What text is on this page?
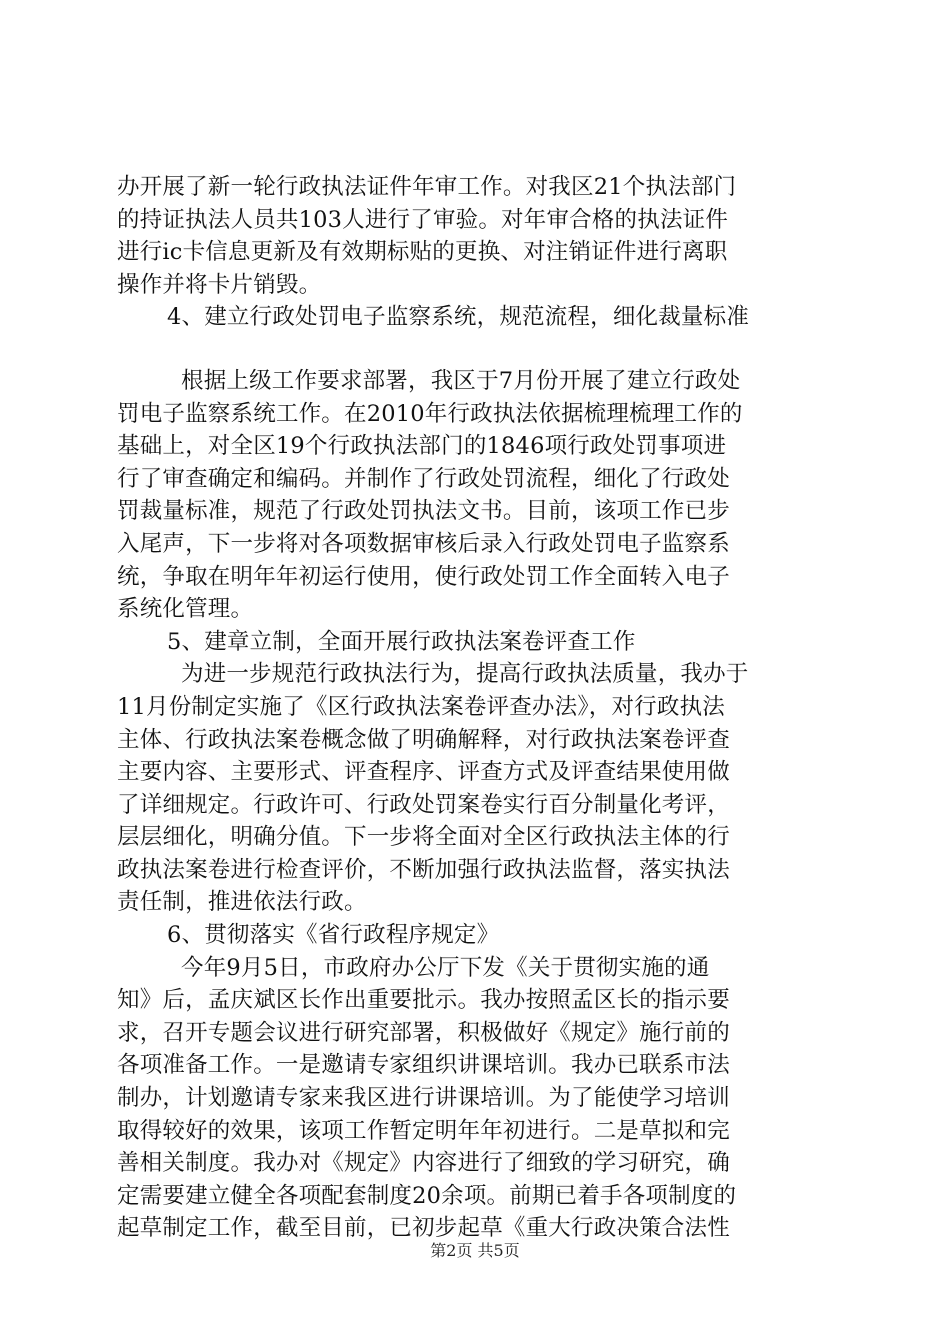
办开展了新一轮行政执法证件年审工作。对我区21个执法部门
的持证执法人员共103人进行了审验。对年审合格的执法证件
进行ic卡信息更新及有效期标贴的更换、对注销证件进行离职
操作并将卡片销毁。
4、建立行政处罚电子监察系统，规范流程，细化裁量标准
根据上级工作要求部署，我区于7月份开展了建立行政处
罚电子监察系统工作。在2010年行政执法依据梳理梳理工作的
基础上，对全区19个行政执法部门的1846项行政处罚事项进
行了审查确定和编码。并制作了行政处罚流程，细化了行政处
罚裁量标准，规范了行政处罚执法文书。目前，该项工作已步
入尾声，下一步将对各项数据审核后录入行政处罚电子监察系
统，争取在明年年初运行使用，使行政处罚工作全面转入电子
系统化管理。
5、建章立制，全面开展行政执法案卷评查工作
为进一步规范行政执法行为，提高行政执法质量，我办于
11月份制定实施了《区行政执法案卷评查办法》，对行政执法
主体、行政执法案卷概念做了明确解释，对行政执法案卷评查
主要内容、主要形式、评查程序、评查方式及评查结果使用做
了详细规定。行政许可、行政处罚案卷实行百分制量化考评，
层层细化，明确分值。下一步将全面对全区行政执法主体的行
政执法案卷进行检查评价，不断加强行政执法监督，落实执法
责任制，推进依法行政。
6、贯彻落实《省行政程序规定》
今年9月5日，市政府办公厅下发《关于贯彻实施的通
知》后，孟庆斌区长作出重要批示。我办按照孟区长的指示要
求，召开专题会议进行研究部署，积极做好《规定》施行前的
各项准备工作。一是邀请专家组织讲课培训。我办已联系市法
制办，计划邀请专家来我区进行讲课培训。为了能使学习培训
取得较好的效果，该项工作暂定明年年初进行。二是草拟和完
善相关制度。我办对《规定》内容进行了细致的学习研究，确
定需要建立健全各项配套制度20余项。前期已着手各项制度的
起草制定工作，截至目前，已初步起草《重大行政决策合法性
第2页 共5页
